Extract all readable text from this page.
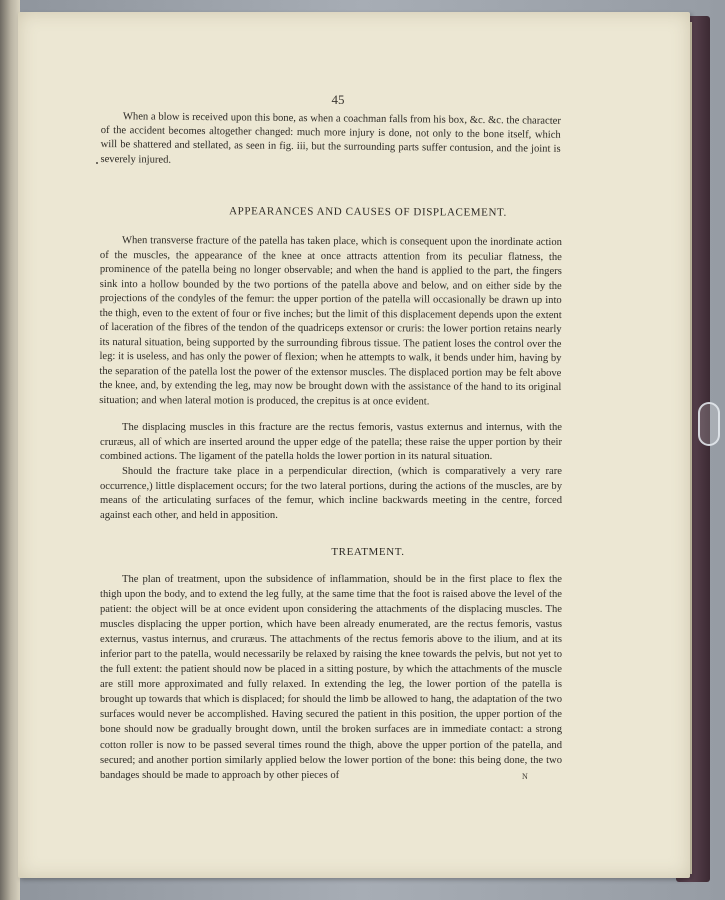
45

When a blow is received upon this bone, as when a coachman falls from his box, &c. &c. the character of the accident becomes altogether changed: much more injury is done, not only to the bone itself, which will be shattered and stellated, as seen in fig. iii, but the surrounding parts suffer contusion, and the joint is severely injured.

APPEARANCES AND CAUSES OF DISPLACEMENT.

When transverse fracture of the patella has taken place, which is consequent upon the inordinate action of the muscles, the appearance of the knee at once attracts attention from its peculiar flatness, the prominence of the patella being no longer observable; and when the hand is applied to the part, the fingers sink into a hollow bounded by the two portions of the patella above and below, and on either side by the projections of the condyles of the femur: the upper portion of the patella will occasionally be drawn up into the thigh, even to the extent of four or five inches; but the limit of this displacement depends upon the extent of laceration of the fibres of the tendon of the quadriceps extensor or cruris: the lower portion retains nearly its natural situation, being supported by the surrounding fibrous tissue. The patient loses the control over the leg: it is useless, and has only the power of flexion; when he attempts to walk, it bends under him, having by the separation of the patella lost the power of the extensor muscles. The displaced portion may be felt above the knee, and, by extending the leg, may now be brought down with the assistance of the hand to its original situation; and when lateral motion is produced, the crepitus is at once evident.

The displacing muscles in this fracture are the rectus femoris, vastus externus and internus, with the cruræus, all of which are inserted around the upper edge of the patella; these raise the upper portion by their combined actions. The ligament of the patella holds the lower portion in its natural situation.

Should the fracture take place in a perpendicular direction, (which is comparatively a very rare occurrence,) little displacement occurs; for the two lateral portions, during the actions of the muscles, are by means of the articulating surfaces of the femur, which incline backwards meeting in the centre, forced against each other, and held in apposition.

TREATMENT.

The plan of treatment, upon the subsidence of inflammation, should be in the first place to flex the thigh upon the body, and to extend the leg fully, at the same time that the foot is raised above the level of the patient: the object will be at once evident upon considering the attachments of the displacing muscles. The muscles displacing the upper portion, which have been already enumerated, are the rectus femoris, vastus externus, vastus internus, and cruræus. The attachments of the rectus femoris above to the ilium, and at its inferior part to the patella, would necessarily be relaxed by raising the knee towards the pelvis, but not yet to the full extent: the patient should now be placed in a sitting posture, by which the attachments of the muscle are still more approximated and fully relaxed. In extending the leg, the lower portion of the patella is brought up towards that which is displaced; for should the limb be allowed to hang, the adaptation of the two surfaces would never be accomplished. Having secured the patient in this position, the upper portion of the bone should now be gradually brought down, until the broken surfaces are in immediate contact: a strong cotton roller is now to be passed several times round the thigh, above the upper portion of the patella, and secured; and another portion similarly applied below the lower portion of the bone: this being done, the two bandages should be made to approach by other pieces of	N
